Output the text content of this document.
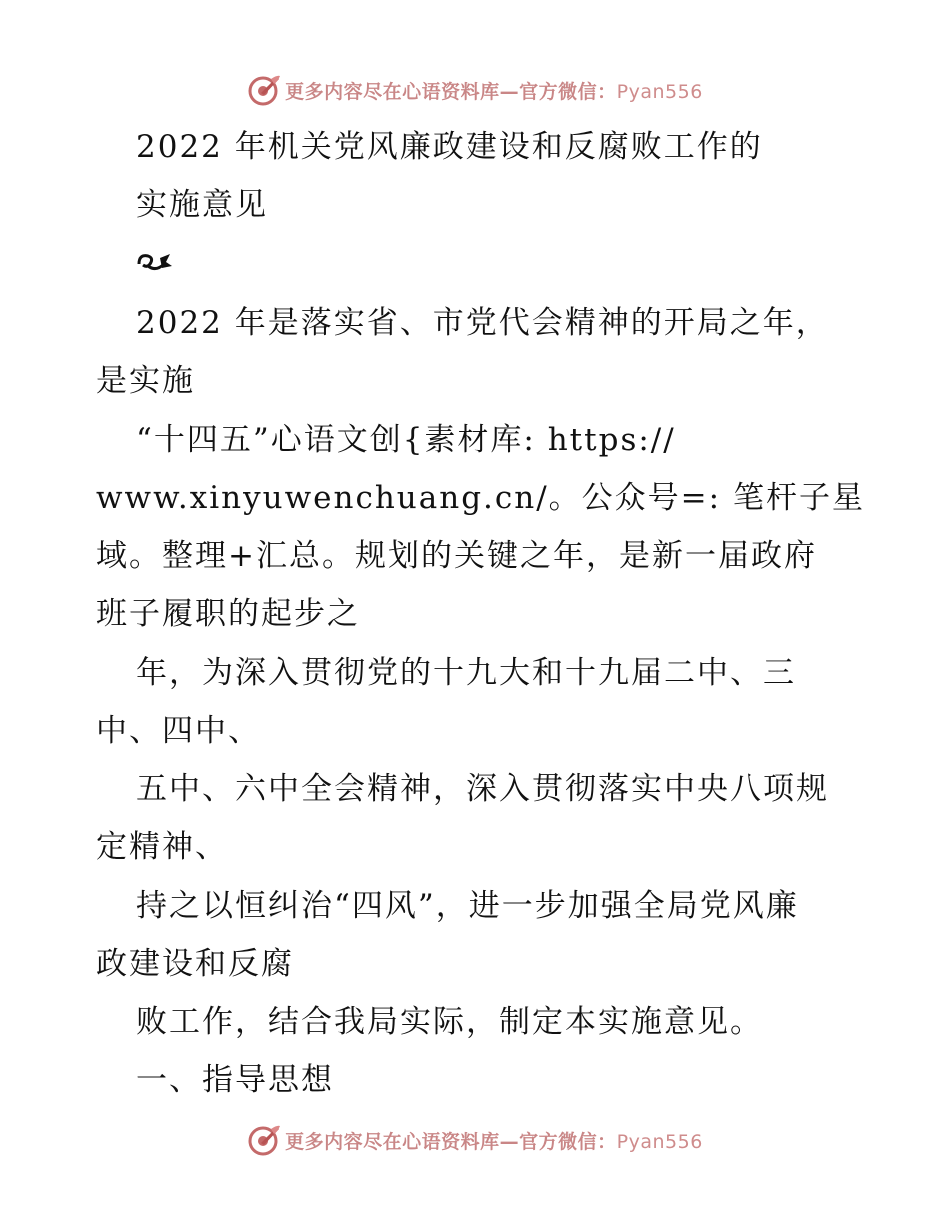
更多内容尽在心语资料库—官方微信：Pyan556
2022 年机关党风廉政建设和反腐败工作的
实施意见
2022 年是落实省、市党代会精神的开局之年，
是实施
“十四五”心语文创{素材库: https://
www.xinyuwenchuang.cn/。公众号=: 笔杆子星
域。整理+汇总。规划的关键之年，是新一届政府
班子履职的起步之
年，为深入贯彻党的十九大和十九届二中、三
中、四中、
五中、六中全会精神，深入贯彻落实中央八项规
定精神、
持之以恒纠治“四风”，进一步加强全局党风廉
政建设和反腐
败工作，结合我局实际，制定本实施意见。
一、指导思想
更多内容尽在心语资料库—官方微信：Pyan556
